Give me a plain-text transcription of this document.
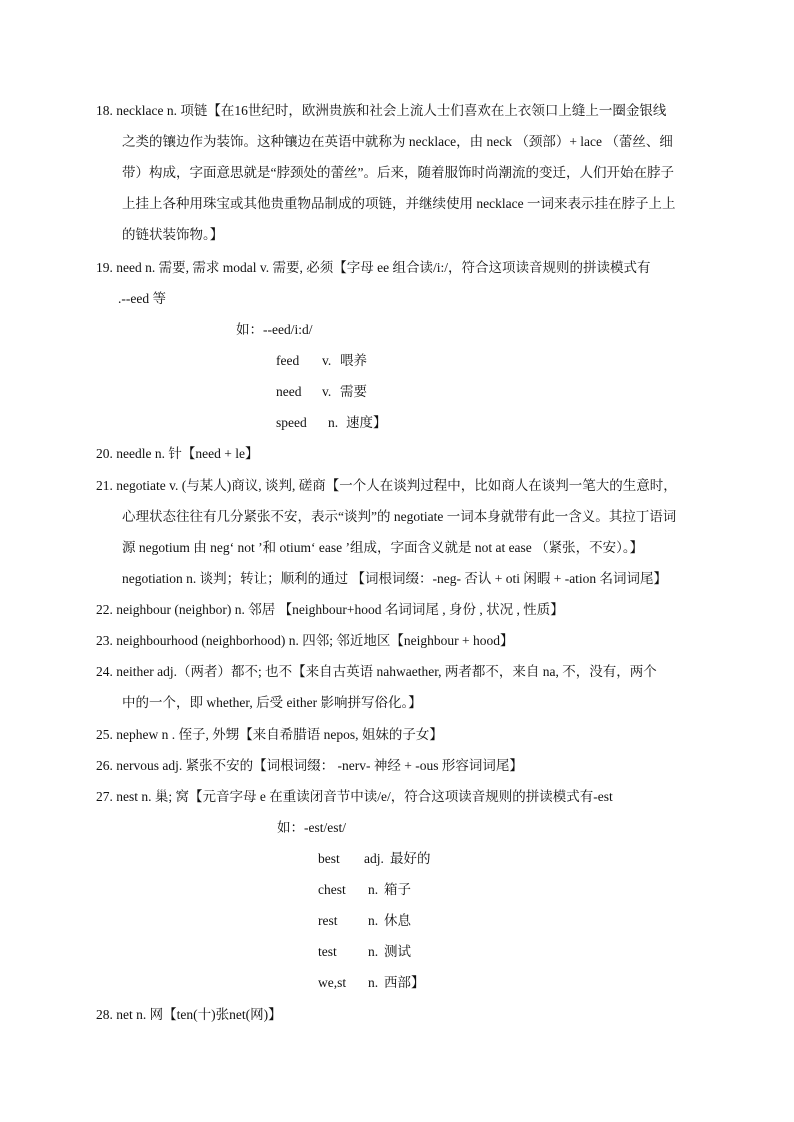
18. necklace n. 项链【在16世纪时，欧洲贵族和社会上流人士们喜欢在上衣领口上缝上一圈金银线
之类的镶边作为装饰。这种镶边在英语中就称为 necklace，由 neck （颈部）+ lace （蕾丝、细
带）构成，字面意思就是“脖颈处的蕾丝”。后来，随着服饰时尚潮流的变迁，人们开始在脖子
上挂上各种用珠宝或其他贵重物品制成的项链，并继续使用 necklace 一词来表示挂在脖子上上
的链状装饰物。】
19. need n. 需要, 需求 modal v. 需要, 必须【字母 ee 组合读/i:/，符合这项读音规则的拼读模式有
.--eed 等
如：--eed/i:d/
feed v. 喂养
need v. 需要
speed n. 速度】
20. needle n. 针【need + le】
21. negotiate v. (与某人)商议, 谈判, 磋商【一个人在谈判过程中，比如商人在谈判一笔大的生意时，
心理状态往往有几分紧张不安，表示“谈判”的 negotiate 一词本身就带有此一含义。其拉丁语词
源 negotium 由 neg‘ not ’和 otium‘ ease ’组成，字面含义就是 not at ease （紧张，不安）。】
negotiation n. 谈判；转让；顺利的通过 【词根词缀：-neg- 否认 + oti 闲暇 + -ation 名词词尾】
22. neighbour (neighbor) n. 邻居 【neighbour+hood 名词词尾 , 身份 , 状况 , 性质】
23. neighbourhood (neighborhood) n. 四邻; 邻近地区【neighbour + hood】
24. neither adj.（两者）都不; 也不【来自古英语 nahwaether, 两者都不，来自 na, 不，没有，两个
中的一个，即 whether, 后受 either 影响拼写俗化。】
25. nephew n . 侄子, 外甥【来自希腊语 nepos, 姐妹的子女】
26. nervous adj. 紧张不安的【词根词缀： -nerv- 神经 + -ous 形容词词尾】
27. nest n. 巢; 窝【元音字母 e 在重读闭音节中读/e/，符合这项读音规则的拼读模式有-est
如：-est/est/
best adj. 最好的
chest n. 箱子
rest n. 休息
test n. 测试
we,st n. 西部】
28. net n. 网【ten(十)张net(网)】
